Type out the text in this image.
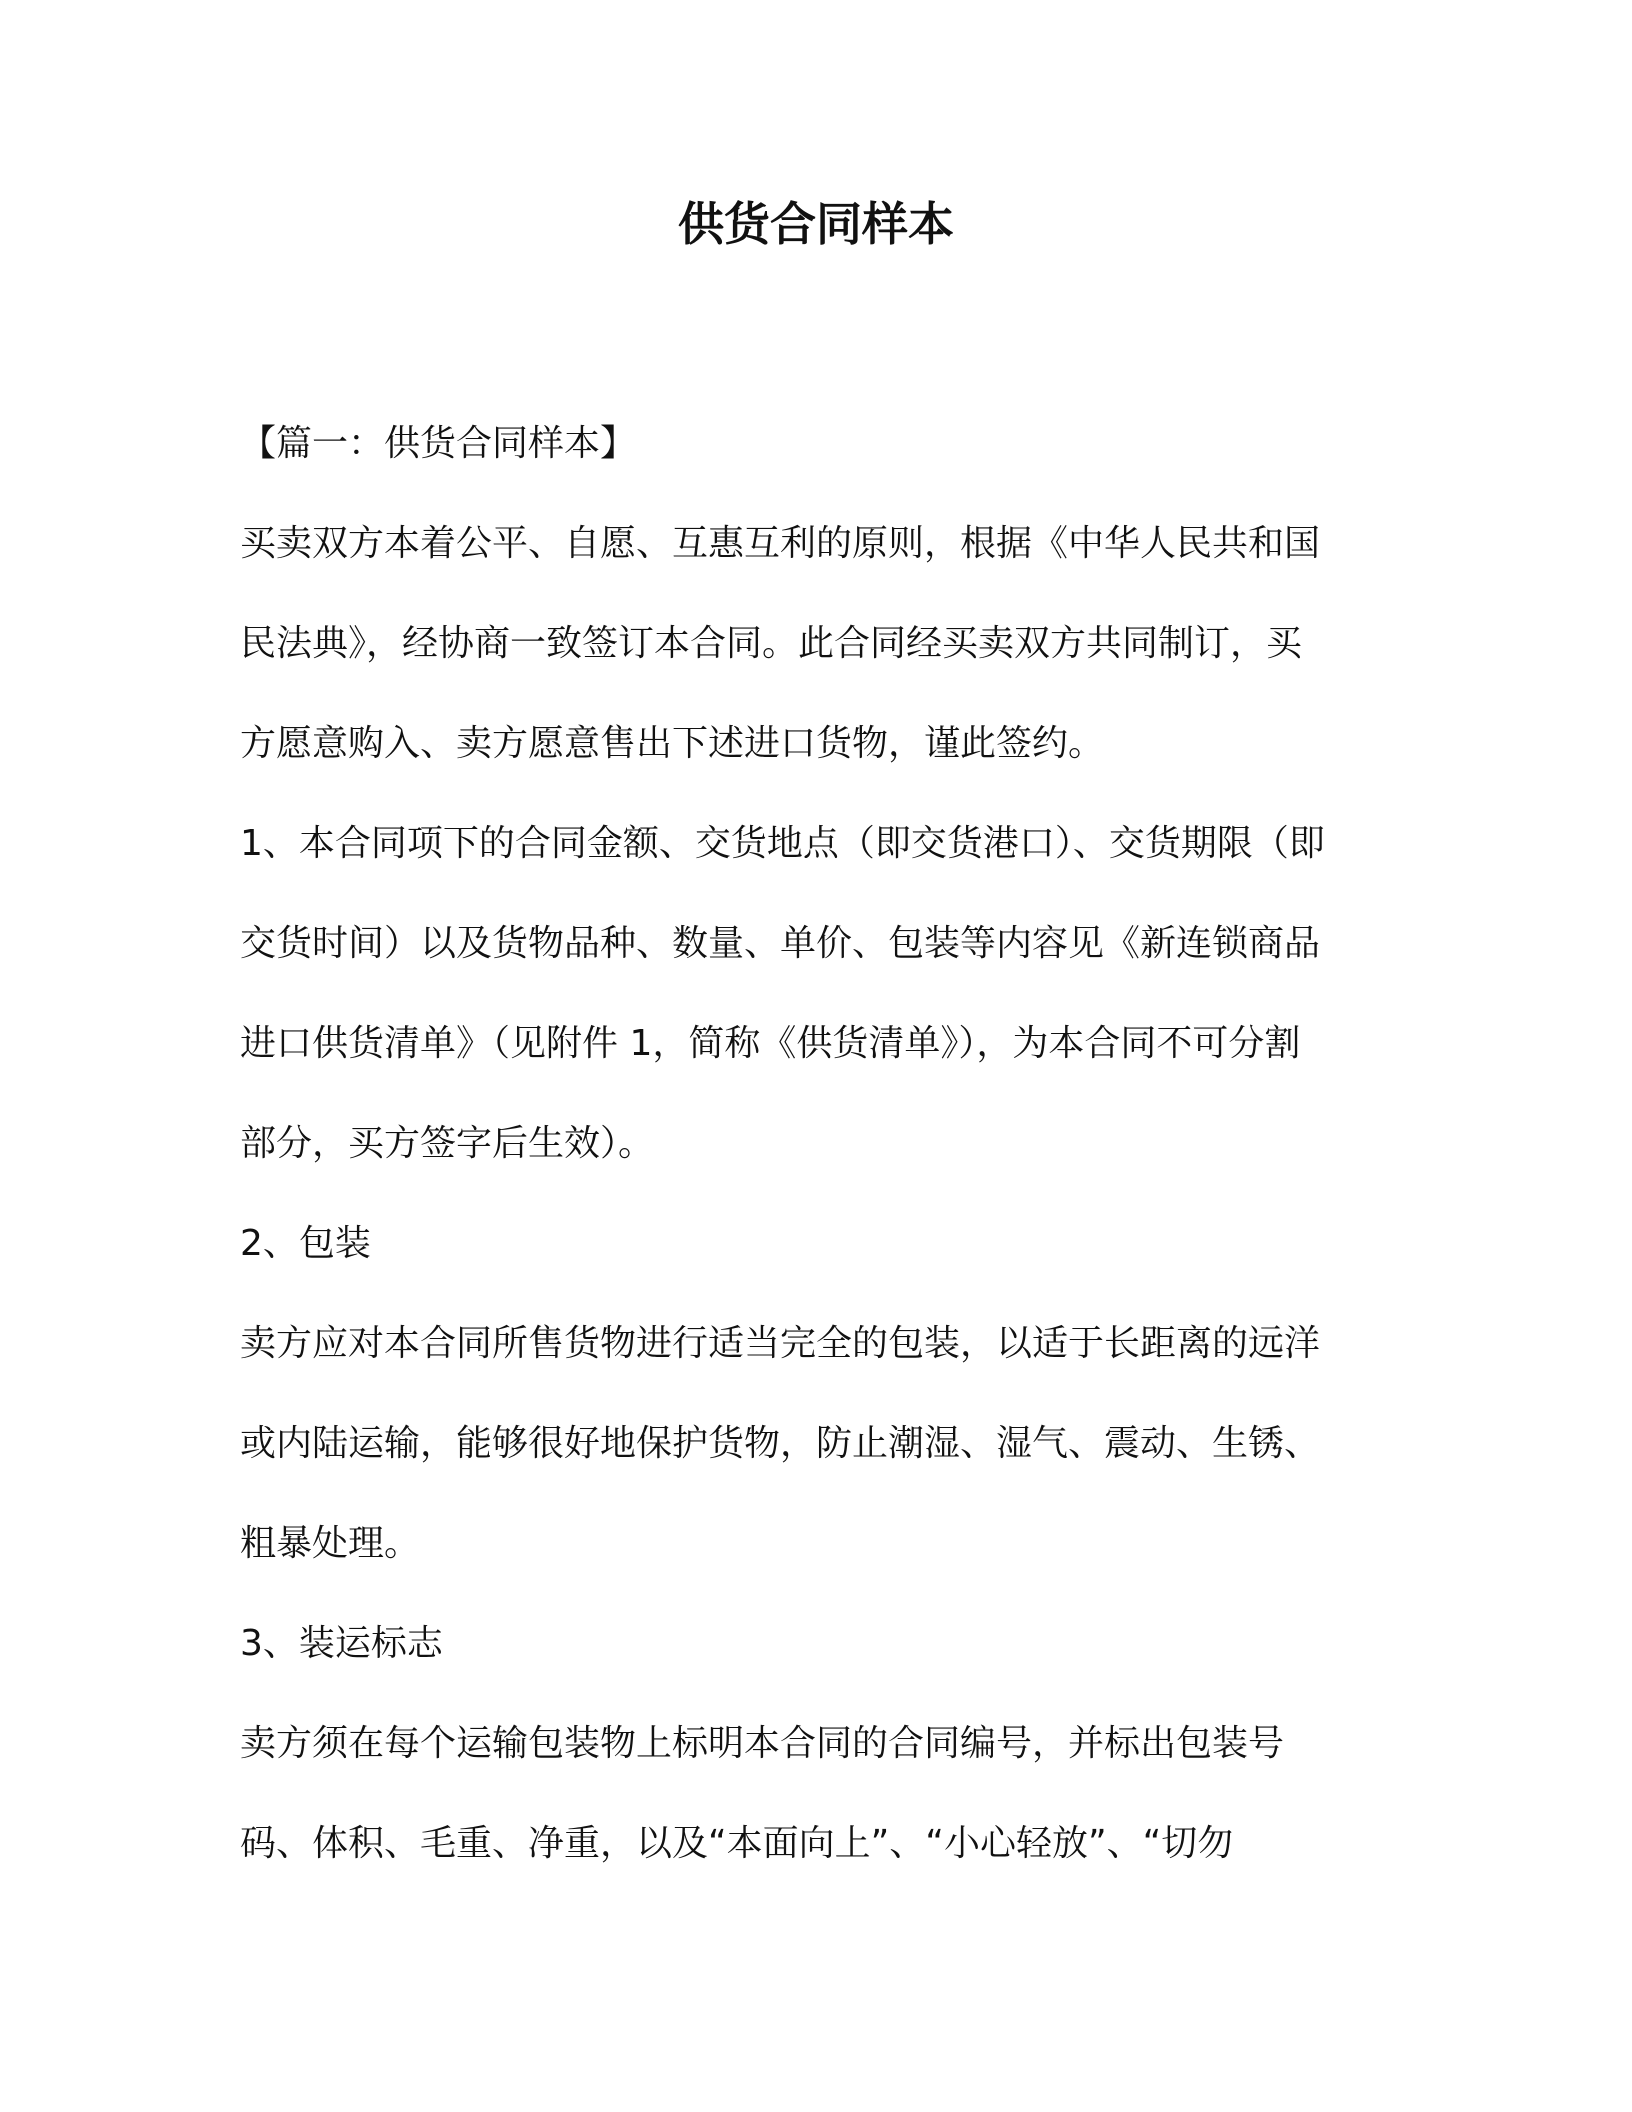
供货合同样本

【篇一：供货合同样本】

买卖双方本着公平、自愿、互惠互利的原则，根据《中华人民共和国

民法典》，经协商一致签订本合同。此合同经买卖双方共同制订，买

方愿意购入、卖方愿意售出下述进口货物，谨此签约。

1、本合同项下的合同金额、交货地点（即交货港口）、交货期限（即

交货时间）以及货物品种、数量、单价、包装等内容见《新连锁商品

进口供货清单》（见附件 1，简称《供货清单》），为本合同不可分割

部分，买方签字后生效）。

2、包装

卖方应对本合同所售货物进行适当完全的包装，以适于长距离的远洋

或内陆运输，能够很好地保护货物，防止潮湿、湿气、震动、生锈、

粗暴处理。

3、装运标志

卖方须在每个运输包装物上标明本合同的合同编号，并标出包装号

码、体积、毛重、净重，以及“本面向上”、“小心轻放”、“切勿
